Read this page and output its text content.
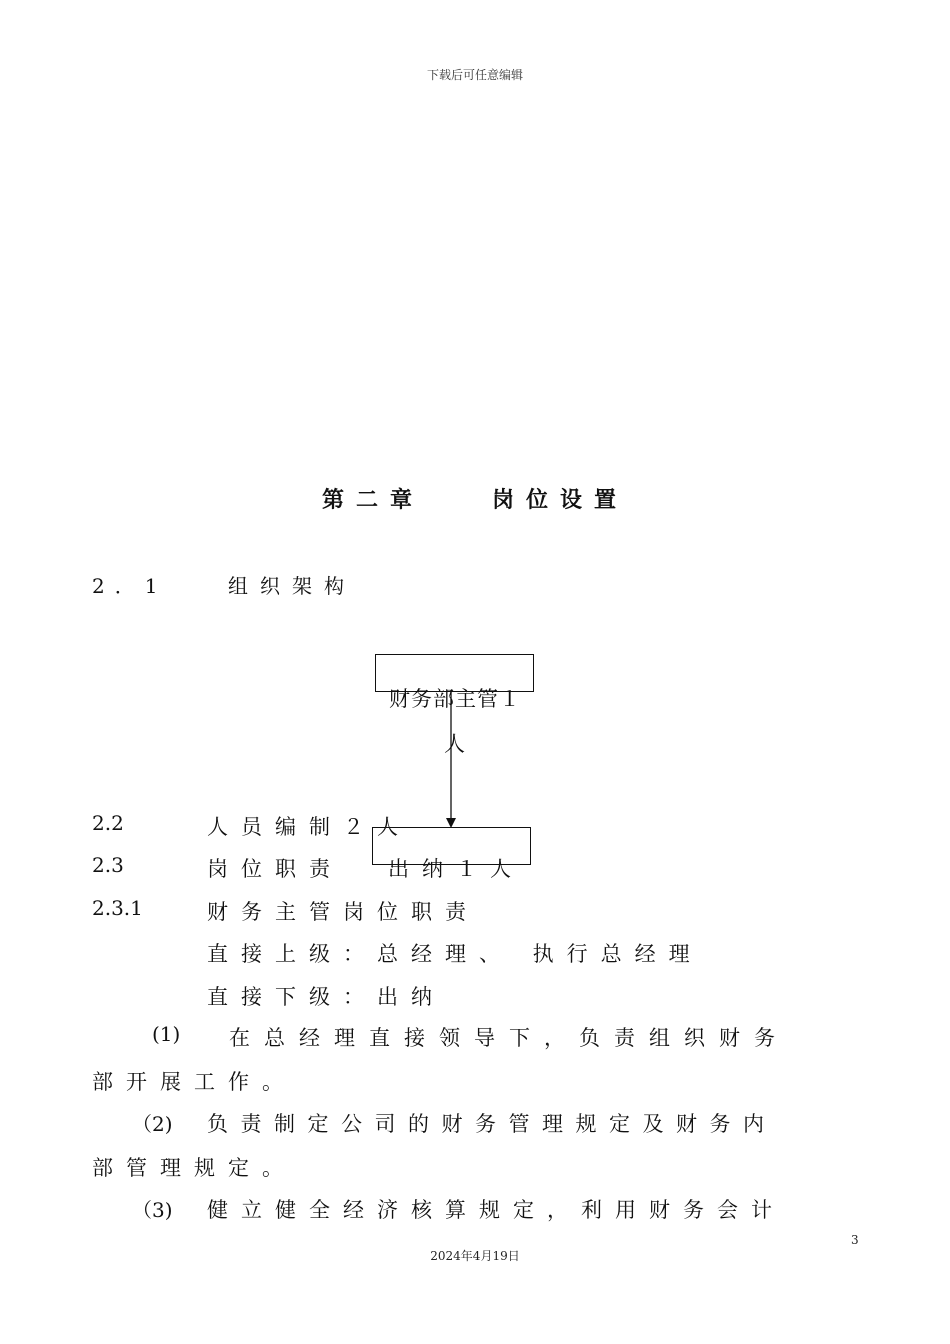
下载后可任意编辑
第二章　　岗位设置
2．1	组织架构
财务部主管１
人
2.2	人员编制２人
2.3	岗位职责 出纳１人
2.3.1	财务主管岗位职责
直接上级：总经理、 执行总经理
直接下级：出纳
(1) 在总经理直接领导下，负责组织财务
部开展工作。
（2) 负责制定公司的财务管理规定及财务内
部管理规定。
（3) 健立健全经济核算规定，利用财务会计
3
2024年4月19日
